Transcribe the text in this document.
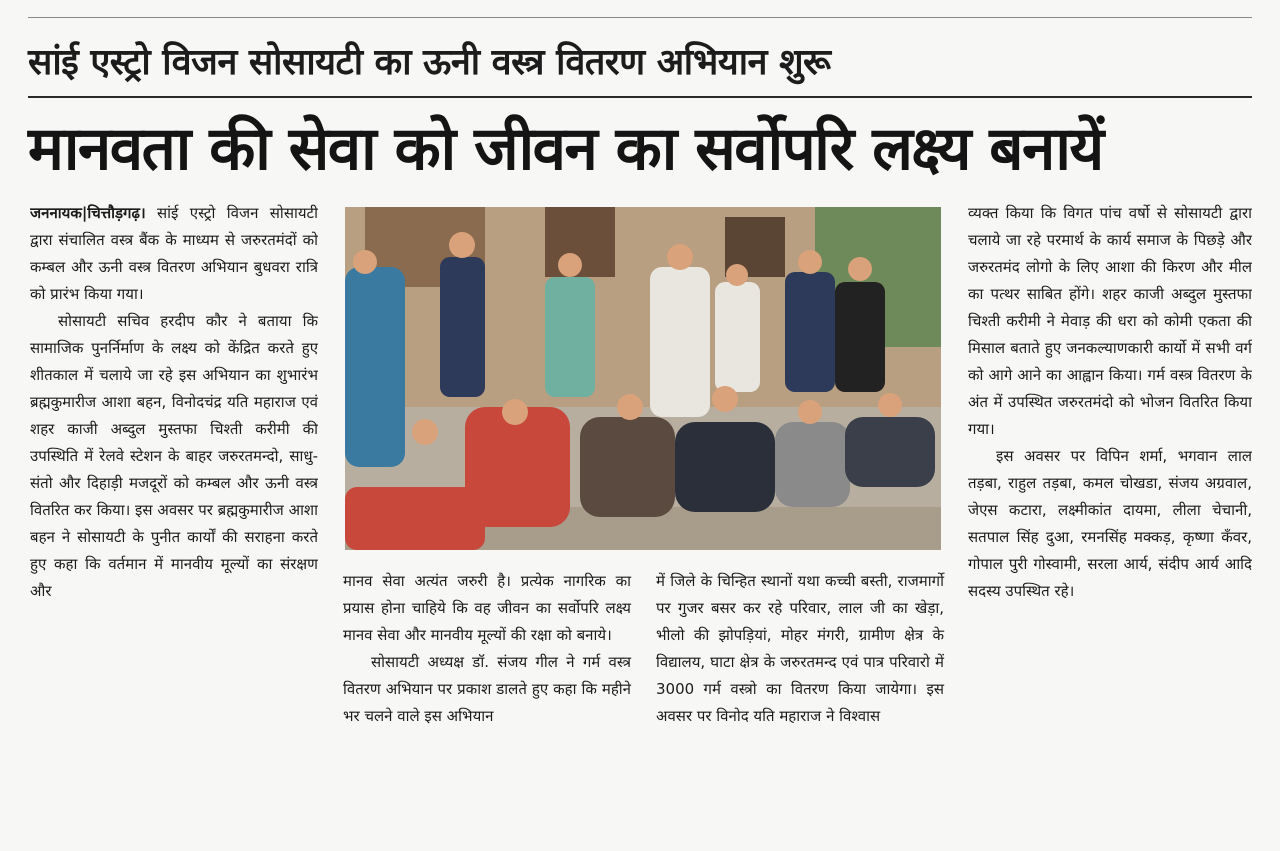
सांई एस्ट्रो विजन सोसायटी का ऊनी वस्त्र वितरण अभियान शुरू
मानवता की सेवा को जीवन का सर्वोपरि लक्ष्य बनायें

जननायक|चित्तौड़गढ़। सांई एस्ट्रो विजन सोसायटी द्वारा संचालित वस्त्र बैंक के माध्यम से जरुरतमंदों को कम्बल और ऊनी वस्त्र वितरण अभियान बुधवरा रात्रि को प्रारंभ किया गया।

सोसायटी सचिव हरदीप कौर ने बताया कि सामाजिक पुनर्निर्माण के लक्ष्य को केंद्रित करते हुए शीतकाल में चलाये जा रहे इस अभियान का शुभारंभ ब्रह्मकुमारीज आशा बहन, विनोदचंद्र यति महाराज एवं शहर काजी अब्दुल मुस्तफा चिश्ती करीमी की उपस्थिति में रेलवे स्टेशन के बाहर जरुरतमन्दो, साधु-संतो और दिहाड़ी मजदूरों को कम्बल और ऊनी वस्त्र वितरित कर किया। इस अवसर पर ब्रह्मकुमारीज आशा बहन ने सोसायटी के पुनीत कार्यों की सराहना करते हुए कहा कि वर्तमान में मानवीय मूल्यों का संरक्षण और

मानव सेवा अत्यंत जरुरी है। प्रत्येक नागरिक का प्रयास होना चाहिये कि वह जीवन का सर्वोपरि लक्ष्य मानव सेवा और मानवीय मूल्यों की रक्षा को बनाये।

सोसायटी अध्यक्ष डॉ. संजय गील ने गर्म वस्त्र वितरण अभियान पर प्रकाश डालते हुए कहा कि महीने भर चलने वाले इस अभियान

में जिले के चिन्हित स्थानों यथा कच्ची बस्ती, राजमार्गो पर गुजर बसर कर रहे परिवार, लाल जी का खेड़ा, भीलो की झोपड़ियां, मोहर मंगरी, ग्रामीण क्षेत्र के विद्यालय, घाटा क्षेत्र के जरुरतमन्द एवं पात्र परिवारो में 3000 गर्म वस्त्रो का वितरण किया जायेगा। इस अवसर पर विनोद यति महाराज ने विश्वास

व्यक्त किया कि विगत पांच वर्षो से सोसायटी द्वारा चलाये जा रहे परमार्थ के कार्य समाज के पिछड़े और जरुरतमंद लोगो के लिए आशा की किरण और मील का पत्थर साबित होंगे। शहर काजी अब्दुल मुस्तफा चिश्ती करीमी ने मेवाड़ की धरा को कोमी एकता की मिसाल बताते हुए जनकल्याणकारी कार्यो में सभी वर्ग को आगे आने का आह्वान किया। गर्म वस्त्र वितरण के अंत में उपस्थित जरुरतमंदो को भोजन वितरित किया गया।

इस अवसर पर विपिन शर्मा, भगवान लाल तड़बा, राहुल तड़बा, कमल चोखडा, संजय अग्रवाल, जेएस कटारा, लक्ष्मीकांत दायमा, लीला चेचानी, सतपाल सिंह दुआ, रमनसिंह मक्कड़, कृष्णा कँवर, गोपाल पुरी गोस्वामी, सरला आर्य, संदीप आर्य आदि सदस्य उपस्थित रहे।
